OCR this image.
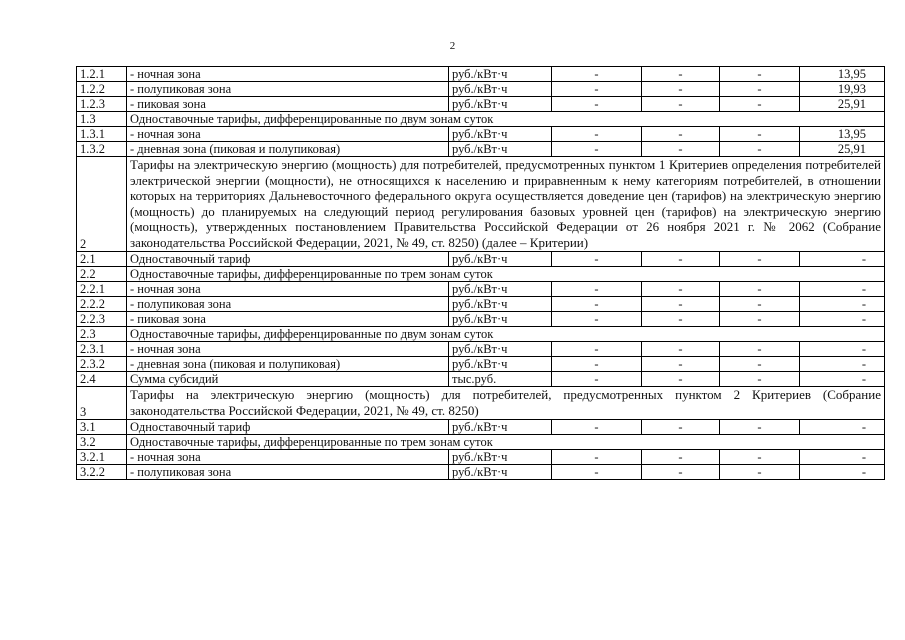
2
1.2.1	- ночная зона	руб./кВт·ч	-	-	-	13,95
1.2.2	- полупиковая зона	руб./кВт·ч	-	-	-	19,93
1.2.3	- пиковая зона	руб./кВт·ч	-	-	-	25,91
1.3	Одноставочные тарифы, дифференцированные по двум зонам суток					
1.3.1	- ночная зона	руб./кВт·ч	-	-	-	13,95
1.3.2	- дневная зона (пиковая и полупиковая)	руб./кВт·ч	-	-	-	25,91
2	Тарифы на электрическую энергию (мощность) для потребителей, предусмотренных пунктом 1 Критериев определения потребителей электрической энергии (мощности), не относящихся к населению и приравненным к нему категориям потребителей, в отношении которых на территориях Дальневосточного федерального округа осуществляется доведение цен (тарифов) на электрическую энергию (мощность) до планируемых на следующий период регулирования базовых уровней цен (тарифов) на электрическую энергию (мощность), утвержденных постановлением Правительства Российской Федерации от 26 ноября 2021 г. № 2062 (Собрание законодательства Российской Федерации, 2021, № 49, ст. 8250) (далее – Критерии)					
2.1	Одноставочный тариф	руб./кВт·ч	-	-	-	-
2.2	Одноставочные тарифы, дифференцированные по трем зонам суток					
2.2.1	- ночная зона	руб./кВт·ч	-	-	-	-
2.2.2	- полупиковая зона	руб./кВт·ч	-	-	-	-
2.2.3	- пиковая зона	руб./кВт·ч	-	-	-	-
2.3	Одноставочные тарифы, дифференцированные по двум зонам суток					
2.3.1	- ночная зона	руб./кВт·ч	-	-	-	-
2.3.2	- дневная зона (пиковая и полупиковая)	руб./кВт·ч	-	-	-	-
2.4	Сумма субсидий	тыс.руб.	-	-	-	-
3	Тарифы на электрическую энергию (мощность) для потребителей, предусмотренных пунктом 2 Критериев (Собрание законодательства Российской Федерации, 2021, № 49, ст. 8250)					
3.1	Одноставочный тариф	руб./кВт·ч	-	-	-	-
3.2	Одноставочные тарифы, дифференцированные по трем зонам суток					
3.2.1	- ночная зона	руб./кВт·ч	-	-	-	-
3.2.2	- полупиковая зона	руб./кВт·ч	-	-	-	-
